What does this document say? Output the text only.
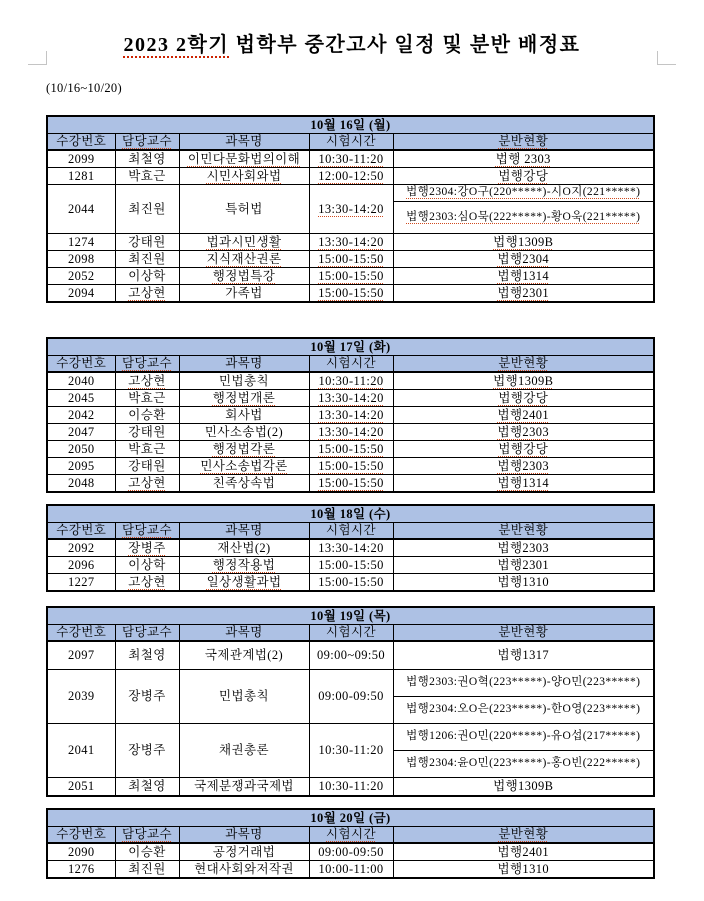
2023 2학기 법학부 중간고사 일정 및 분반 배정표
(10/16~10/20)
10월 16일 (월)				
수강번호	담당교수	과목명	시험시간	분반현황
2099	최철영	이민다문화법의이해	10:30-11:20	법행 2303
1281	박효근	시민사회와법	12:00-12:50	법행강당
2044	최진원	특허법	13:30-14:20	법행2304:강O구(220*****)-시O지(221*****)
				법행2303:심O묵(222*****)-황O욱(221*****)
1274	강태원	법과시민생활	13:30-14:20	법행1309B
2098	최진원	지식재산권론	15:00-15:50	법행2304
2052	이상학	행정법특강	15:00-15:50	법행1314
2094	고상현	가족법	15:00-15:50	법행2301
10월 17일 (화)				
수강번호	담당교수	과목명	시험시간	분반현황
2040	고상현	민법총칙	10:30-11:20	법행1309B
2045	박효근	행정법개론	13:30-14:20	법행강당
2042	이승환	회사법	13:30-14:20	법행2401
2047	강태원	민사소송법(2)	13:30-14:20	법행2303
2050	박효근	행정법각론	15:00-15:50	법행강당
2095	강태원	민사소송법각론	15:00-15:50	법행2303
2048	고상현	친족상속법	15:00-15:50	법행1314
10월 18일 (수)				
수강번호	담당교수	과목명	시험시간	분반현황
2092	장병주	재산법(2)	13:30-14:20	법행2303
2096	이상학	행정작용법	15:00-15:50	법행2301
1227	고상현	일상생활과법	15:00-15:50	법행1310
10월 19일 (목)				
수강번호	담당교수	과목명	시험시간	분반현황
2097	최철영	국제관계법(2)	09:00~09:50	법행1317
2039	장병주	민법총칙	09:00-09:50	법행2303:권O혁(223*****)-양O민(223*****)
				법행2304:오O은(223*****)-한O영(223*****)
2041	장병주	채권총론	10:30-11:20	법행1206:권O민(220*****)-유O섭(217*****)
				법행2304:윤O민(223*****)-홍O빈(222*****)
2051	최철영	국제분쟁과국제법	10:30-11:20	법행1309B
10월 20일 (금)				
수강번호	담당교수	과목명	시험시간	분반현황
2090	이승환	공정거래법	09:00-09:50	법행2401
1276	최진원	현대사회와저작권	10:00-11:00	법행1310
